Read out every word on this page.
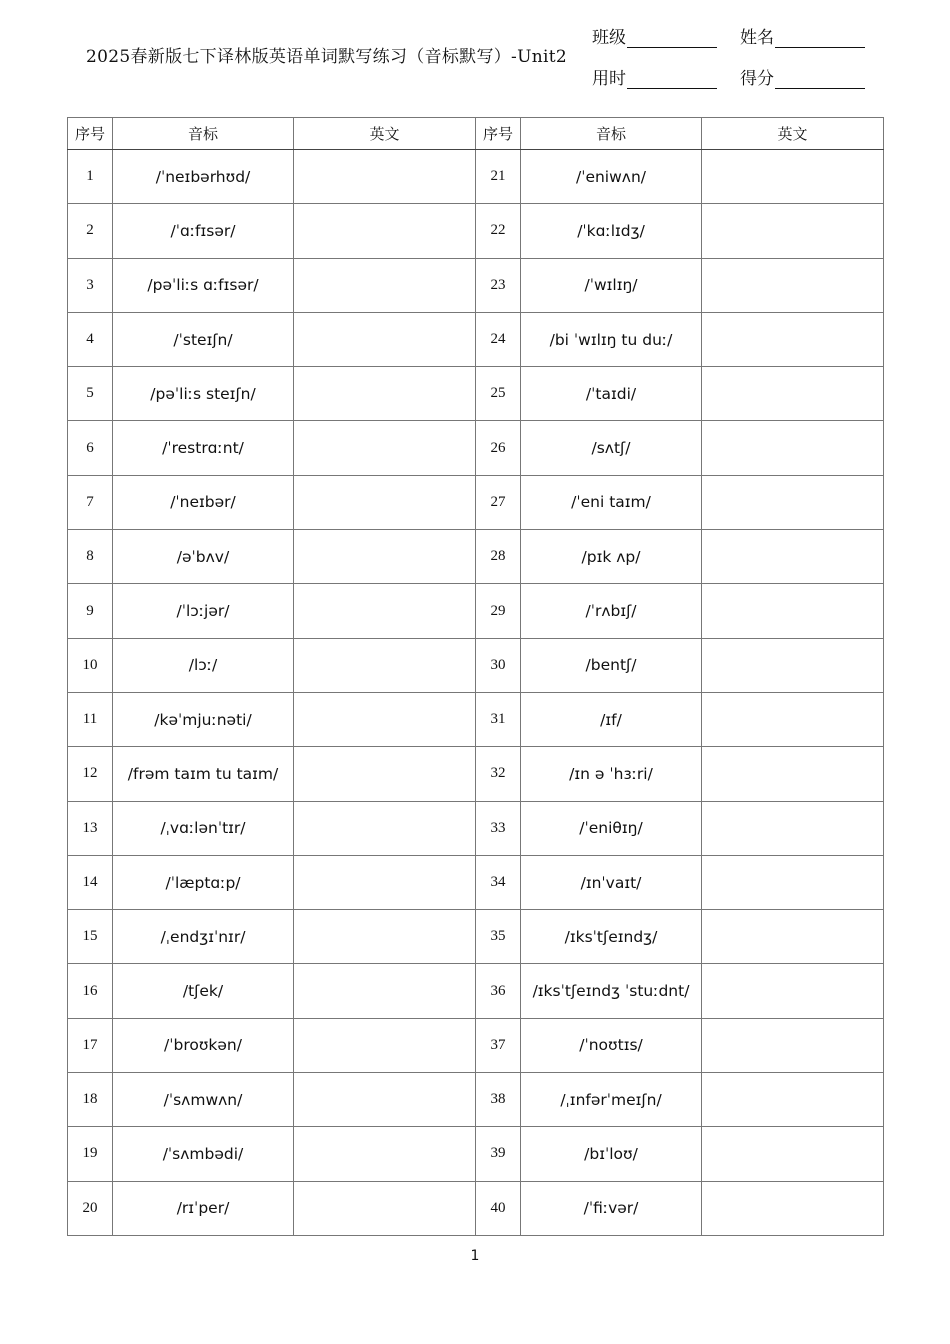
2025春新版七下译林版英语单词默写练习（音标默写）-Unit2
班级	姓名
用时	得分
序号	音标	英文	序号	音标	英文
1	/ˈneɪbərhʊd/		21	/ˈeniwʌn/	
2	/ˈɑːfɪsər/		22	/ˈkɑːlɪdʒ/	
3	/pəˈliːs ɑːfɪsər/		23	/ˈwɪlɪŋ/	
4	/ˈsteɪʃn/		24	/bi ˈwɪlɪŋ tu duː/	
5	/pəˈliːs steɪʃn/		25	/ˈtaɪdi/	
6	/ˈrestrɑːnt/		26	/sʌtʃ/	
7	/ˈneɪbər/		27	/ˈeni taɪm/	
8	/əˈbʌv/		28	/pɪk ʌp/	
9	/ˈlɔːjər/		29	/ˈrʌbɪʃ/	
10	/lɔː/		30	/bentʃ/	
11	/kəˈmjuːnəti/		31	/ɪf/	
12	/frəm taɪm tu taɪm/		32	/ɪn ə ˈhɜːri/	
13	/ˌvɑːlənˈtɪr/		33	/ˈeniθɪŋ/	
14	/ˈlæptɑːp/		34	/ɪnˈvaɪt/	
15	/ˌendʒɪˈnɪr/		35	/ɪksˈtʃeɪndʒ/	
16	/tʃek/		36	/ɪksˈtʃeɪndʒ ˈstuːdnt/	
17	/ˈbroʊkən/		37	/ˈnoʊtɪs/	
18	/ˈsʌmwʌn/		38	/ˌɪnfərˈmeɪʃn/	
19	/ˈsʌmbədi/		39	/bɪˈloʊ/	
20	/rɪˈper/		40	/ˈfiːvər/	
1
